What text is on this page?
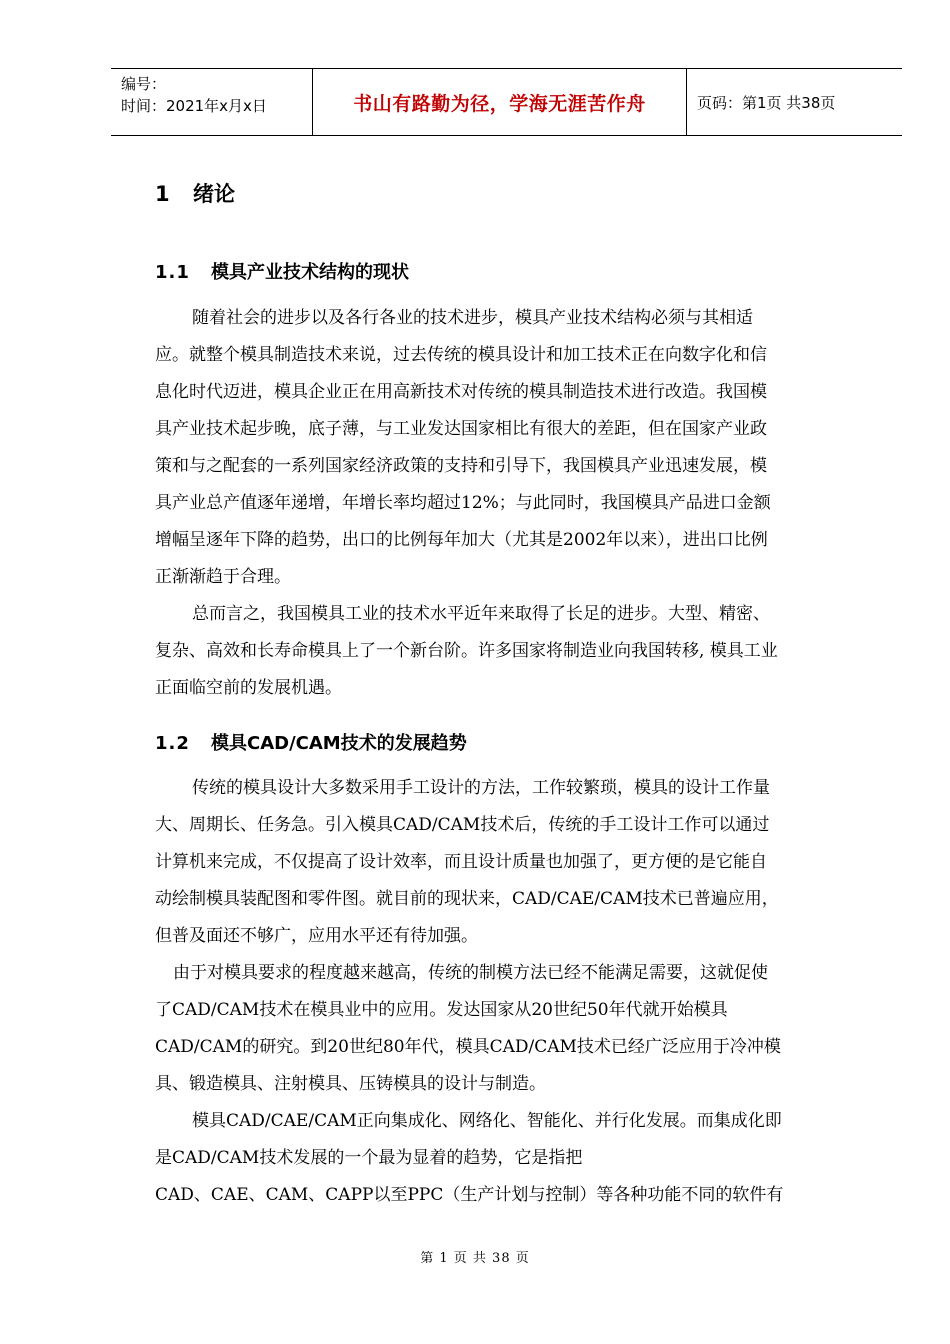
编号：
时间：2021年x月x日	书山有路勤为径，学海无涯苦作舟	页码：第1页 共38页
1 绪论
1.1 模具产业技术结构的现状
随着社会的进步以及各行各业的技术进步，模具产业技术结构必须与其相适
应。就整个模具制造技术来说，过去传统的模具设计和加工技术正在向数字化和信
息化时代迈进，模具企业正在用高新技术对传统的模具制造技术进行改造。我国模
具产业技术起步晚，底子薄，与工业发达国家相比有很大的差距，但在国家产业政
策和与之配套的一系列国家经济政策的支持和引导下，我国模具产业迅速发展，模
具产业总产值逐年递增，年增长率均超过12%；与此同时，我国模具产品进口金额
增幅呈逐年下降的趋势，出口的比例每年加大（尤其是2002年以来），进出口比例
正渐渐趋于合理。
总而言之，我国模具工业的技术水平近年来取得了长足的进步。大型、精密、
复杂、高效和长寿命模具上了一个新台阶。许多国家将制造业向我国转移, 模具工业
正面临空前的发展机遇。
1.2 模具CAD/CAM技术的发展趋势
传统的模具设计大多数采用手工设计的方法，工作较繁琐，模具的设计工作量
大、周期长、任务急。引入模具CAD/CAM技术后，传统的手工设计工作可以通过
计算机来完成，不仅提高了设计效率，而且设计质量也加强了，更方便的是它能自
动绘制模具装配图和零件图。就目前的现状来，CAD/CAE/CAM技术已普遍应用，
但普及面还不够广，应用水平还有待加强。
由于对模具要求的程度越来越高，传统的制模方法已经不能满足需要，这就促使
了CAD/CAM技术在模具业中的应用。发达国家从20世纪50年代就开始模具
CAD/CAM的研究。到20世纪80年代，模具CAD/CAM技术已经广泛应用于冷冲模
具、锻造模具、注射模具、压铸模具的设计与制造。
模具CAD/CAE/CAM正向集成化、网络化、智能化、并行化发展。而集成化即
是CAD/CAM技术发展的一个最为显着的趋势，它是指把
CAD、CAE、CAM、CAPP以至PPC（生产计划与控制）等各种功能不同的软件有
第 1 页 共 38 页
